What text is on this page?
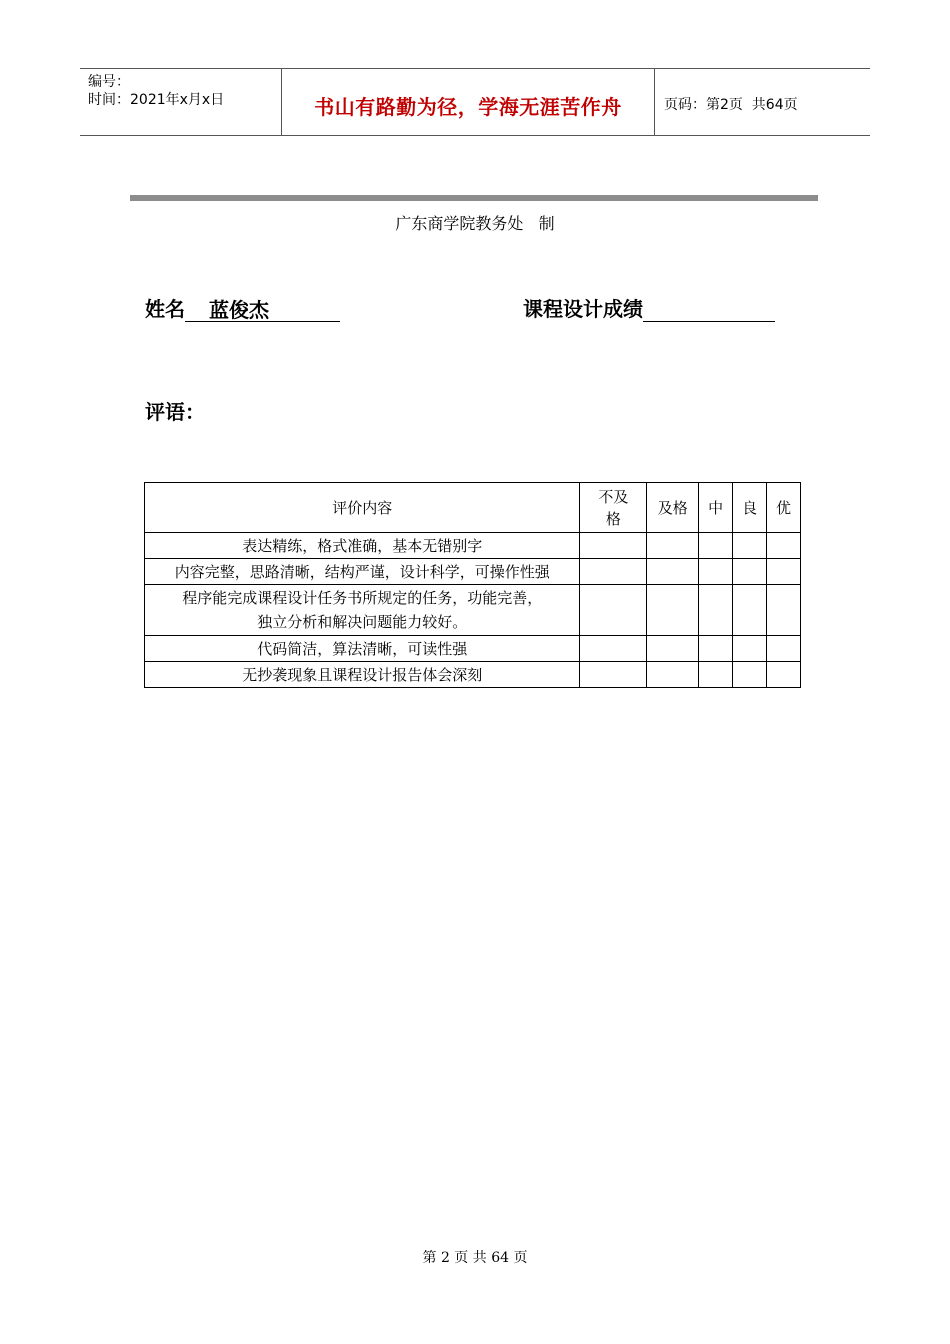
编号：
时间：2021年x月x日	书山有路勤为径，学海无涯苦作舟	页码：第2页  共64页
广东商学院教务处   制
姓名 蓝俊杰	课程设计成绩
评语：
评价内容	不及格	及格	中	良	优
表达精练，格式准确，基本无错别字					
内容完整，思路清晰，结构严谨，设计科学，可操作性强					

程序能完成课程设计任务书所规定的任务，功能完善，
独立分析和解决问题能力较好。					

代码简洁，算法清晰，可读性强					
无抄袭现象且课程设计报告体会深刻					
第 2 页 共 64 页
